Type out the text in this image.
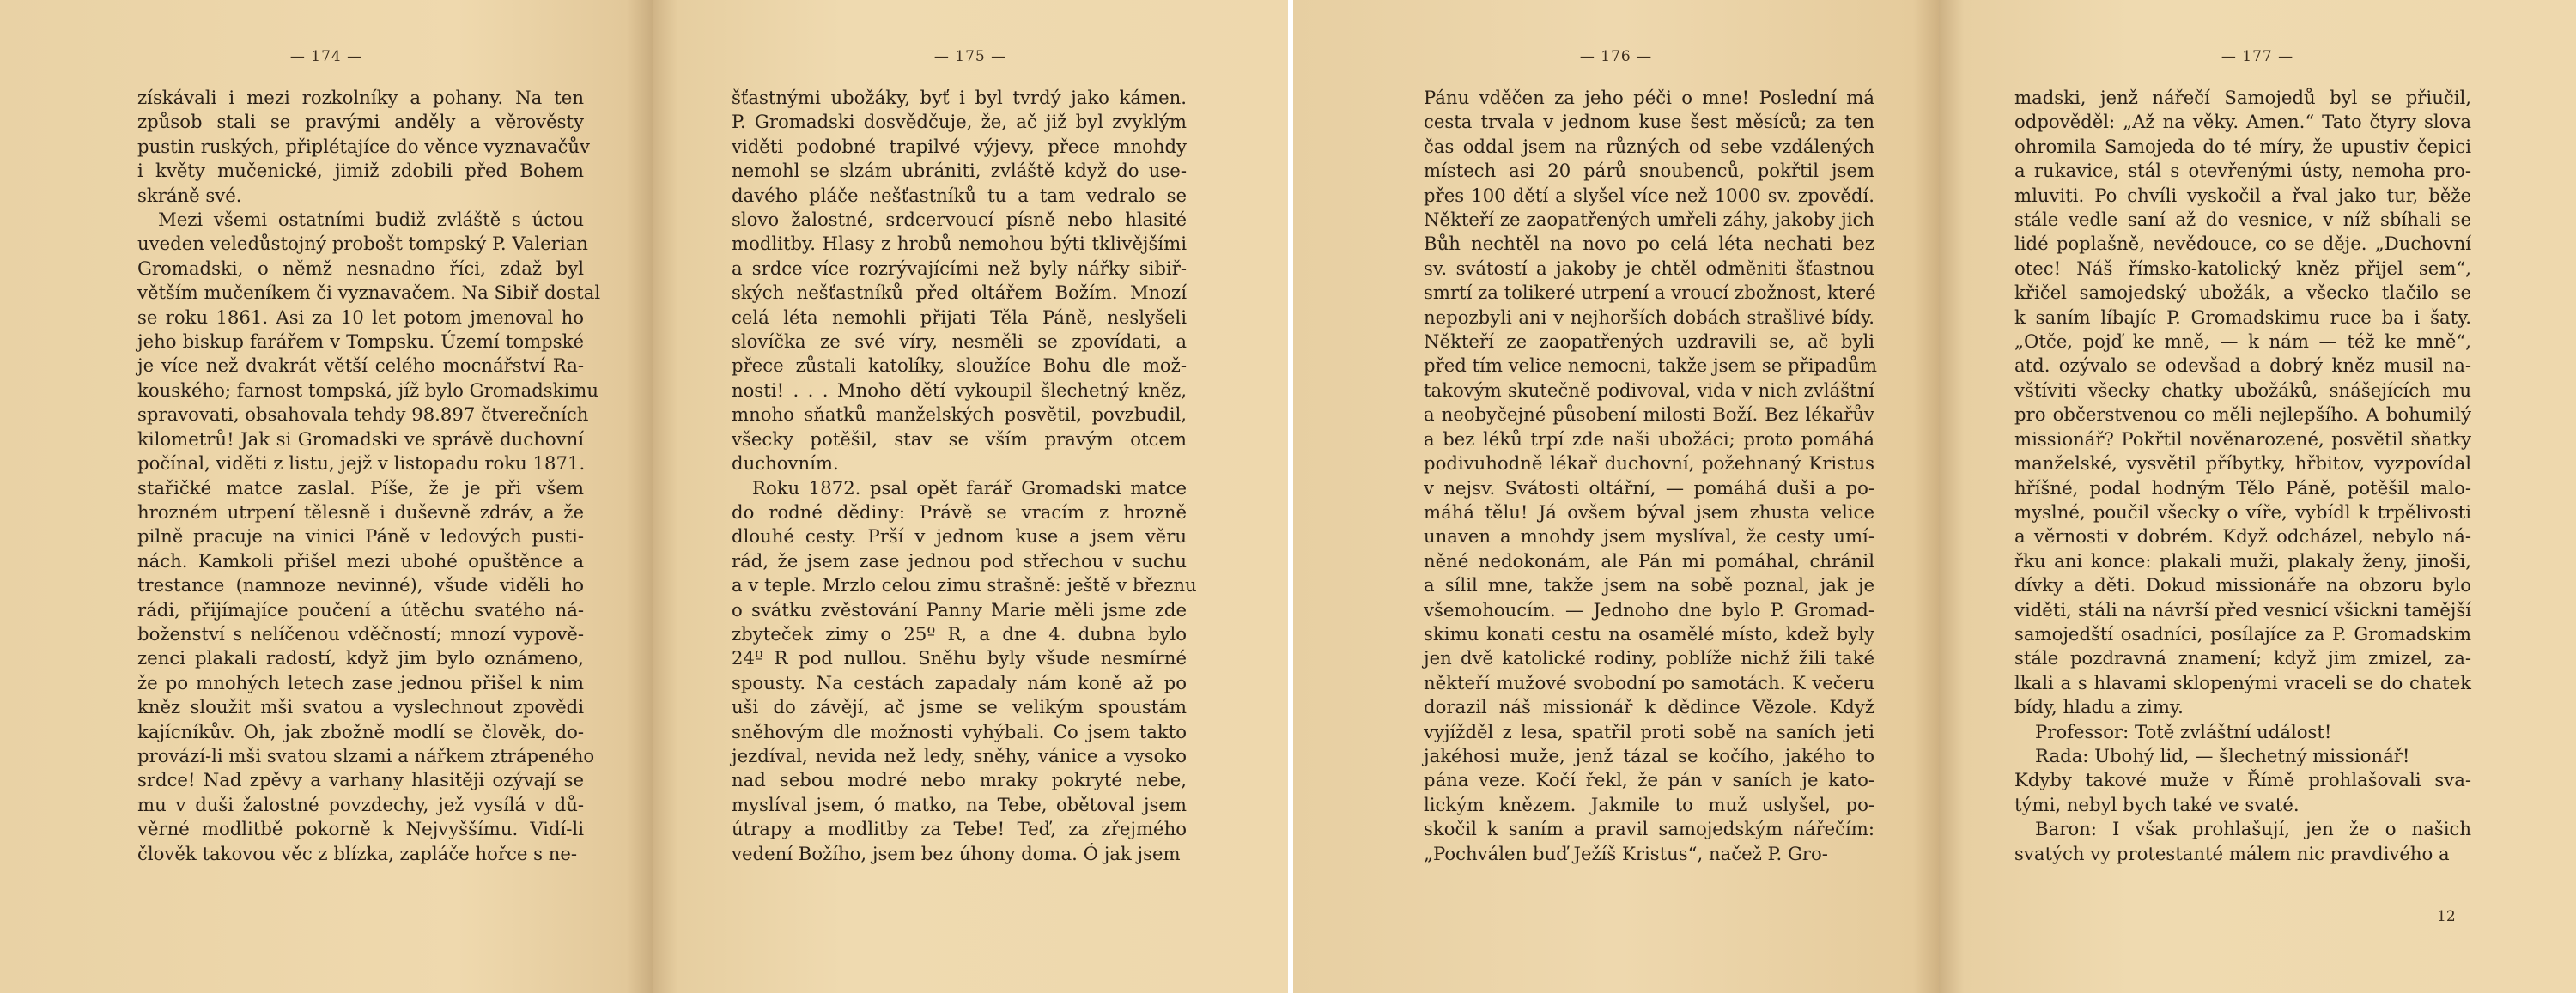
— 174 —
získávali i mezi rozkolníky a pohany. Na ten
způsob stali se pravými anděly a věrověsty
pustin ruských, připlétajíce do věnce vyznavačův
i květy mučenické, jimiž zdobili před Bohem
skráně své.
Mezi všemi ostatními budiž zvláště s úctou
uveden veledůstojný probošt tompský P. Valerian
Gromadski, o němž nesnadno říci, zdaž byl
větším mučeníkem či vyznavačem. Na Sibiř dostal
se roku 1861. Asi za 10 let potom jmenoval ho
jeho biskup farářem v Tompsku. Území tompské
je více než dvakrát větší celého mocnářství Ra-
kouského; farnost tompská, jíž bylo Gromadskimu
spravovati, obsahovala tehdy 98.897 čtverečních
kilometrů! Jak si Gromadski ve správě duchovní
počínal, viděti z listu, jejž v listopadu roku 1871.
stařičké matce zaslal. Píše, že je při všem
hrozném utrpení tělesně i duševně zdráv, a že
pilně pracuje na vinici Páně v ledových pusti-
nách. Kamkoli přišel mezi ubohé opuštěnce a
trestance (namnoze nevinné), všude viděli ho
rádi, přijímajíce poučení a útěchu svatého ná-
boženství s nelíčenou vděčností; mnozí vypově-
zenci plakali radostí, když jim bylo oznámeno,
že po mnohých letech zase jednou přišel k nim
kněz sloužit mši svatou a vyslechnout zpovědi
kajícníkův. Oh, jak zbožně modlí se člověk, do-
provází-li mši svatou slzami a nářkem ztrápeného
srdce! Nad zpěvy a varhany hlasitěji ozývají se
mu v duši žalostné povzdechy, jež vysílá v dů-
věrné modlitbě pokorně k Nejvyššímu. Vidí-li
člověk takovou věc z blízka, zapláče hořce s ne-
— 175 —
šťastnými ubožáky, byť i byl tvrdý jako kámen.
P. Gromadski dosvědčuje, že, ač již byl zvyklým
viděti podobné trapilvé výjevy, přece mnohdy
nemohl se slzám ubrániti, zvláště když do use-
davého pláče nešťastníků tu a tam vedralo se
slovo žalostné, srdcervoucí písně nebo hlasité
modlitby. Hlasy z hrobů nemohou býti tklivějšími
a srdce více rozrývajícími než byly nářky sibiř-
ských nešťastníků před oltářem Božím. Mnozí
celá léta nemohli přijati Těla Páně, neslyšeli
slovíčka ze své víry, nesměli se zpovídati, a
přece zůstali katolíky, sloužíce Bohu dle mož-
nosti! . . . Mnoho dětí vykoupil šlechetný kněz,
mnoho sňatků manželských posvětil, povzbudil,
všecky potěšil, stav se vším pravým otcem
duchovním.
Roku 1872. psal opět farář Gromadski matce
do rodné dědiny: Právě se vracím z hrozně
dlouhé cesty. Prší v jednom kuse a jsem věru
rád, že jsem zase jednou pod střechou v suchu
a v teple. Mrzlo celou zimu strašně: ještě v březnu
o svátku zvěstování Panny Marie měli jsme zde
zbyteček zimy o 25º R, a dne 4. dubna bylo
24º R pod nullou. Sněhu byly všude nesmírné
spousty. Na cestách zapadaly nám koně až po
uši do závějí, ač jsme se velikým spoustám
sněhovým dle možnosti vyhýbali. Co jsem takto
jezdíval, nevida než ledy, sněhy, vánice a vysoko
nad sebou modré nebo mraky pokryté nebe,
myslíval jsem, ó matko, na Tebe, obětoval jsem
útrapy a modlitby za Tebe! Teď, za zřejmého
vedení Božího, jsem bez úhony doma. Ó jak jsem
— 176 —
Pánu vděčen za jeho péči o mne! Poslední má
cesta trvala v jednom kuse šest měsíců; za ten
čas oddal jsem na různých od sebe vzdálených
místech asi 20 párů snoubenců, pokřtil jsem
přes 100 dětí a slyšel více než 1000 sv. zpovědí.
Někteří ze zaopatřených umřeli záhy, jakoby jich
Bůh nechtěl na novo po celá léta nechati bez
sv. svátostí a jakoby je chtěl odměniti šťastnou
smrtí za tolikeré utrpení a vroucí zbožnost, které
nepozbyli ani v nejhorších dobách strašlivé bídy.
Někteří ze zaopatřených uzdravili se, ač byli
před tím velice nemocni, takže jsem se připadům
takovým skutečně podivoval, vida v nich zvláštní
a neobyčejné působení milosti Boží. Bez lékařův
a bez léků trpí zde naši ubožáci; proto pomáhá
podivuhodně lékař duchovní, požehnaný Kristus
v nejsv. Svátosti oltářní, — pomáhá duši a po-
máhá tělu! Já ovšem býval jsem zhusta velice
unaven a mnohdy jsem myslíval, že cesty umí-
něné nedokonám, ale Pán mi pomáhal, chránil
a sílil mne, takže jsem na sobě poznal, jak je
všemohoucím. — Jednoho dne bylo P. Gromad-
skimu konati cestu na osamělé místo, kdež byly
jen dvě katolické rodiny, poblíže nichž žili také
někteří mužové svobodní po samotách. K večeru
dorazil náš missionář k dědince Vězole. Když
vyjížděl z lesa, spatřil proti sobě na saních jeti
jakéhosi muže, jenž tázal se kočího, jakého to
pána veze. Kočí řekl, že pán v saních je kato-
lickým knězem. Jakmile to muž uslyšel, po-
skočil k saním a pravil samojedským nářečím:
„Pochválen buď Ježíš Kristus“, načež P. Gro-
— 177 —
madski, jenž nářečí Samojedů byl se přiučil,
odpověděl: „Až na věky. Amen.“ Tato čtyry slova
ohromila Samojeda do té míry, že upustiv čepici
a rukavice, stál s otevřenými ústy, nemoha pro-
mluviti. Po chvíli vyskočil a řval jako tur, běže
stále vedle saní až do vesnice, v níž sbíhali se
lidé poplašně, nevědouce, co se děje. „Duchovní
otec! Náš římsko-katolický kněz přijel sem“,
křičel samojedský ubožák, a všecko tlačilo se
k saním líbajíc P. Gromadskimu ruce ba i šaty.
„Otče, pojď ke mně, — k nám — též ke mně“,
atd. ozývalo se odevšad a dobrý kněz musil na-
vštíviti všecky chatky ubožáků, snášejících mu
pro občerstvenou co měli nejlepšího. A bohumilý
missionář? Pokřtil nověnarozené, posvětil sňatky
manželské, vysvětil příbytky, hřbitov, vyzpovídal
hříšné, podal hodným Tělo Páně, potěšil malo-
myslné, poučil všecky o víře, vybídl k trpělivosti
a věrnosti v dobrém. Když odcházel, nebylo ná-
řku ani konce: plakali muži, plakaly ženy, jinoši,
dívky a děti. Dokud missionáře na obzoru bylo
viděti, stáli na návrší před vesnicí všickni tamější
samojedští osadníci, posílajíce za P. Gromadskim
stále pozdravná znamení; když jim zmizel, za-
lkali a s hlavami sklopenými vraceli se do chatek
bídy, hladu a zimy.
Professor: Totě zvláštní událost!
Rada: Ubohý lid, — šlechetný missionář!
Kdyby takové muže v Římě prohlašovali sva-
tými, nebyl bych také ve svaté.
Baron: I však prohlašují, jen že o našich
svatých vy protestanté málem nic pravdivého a
12
